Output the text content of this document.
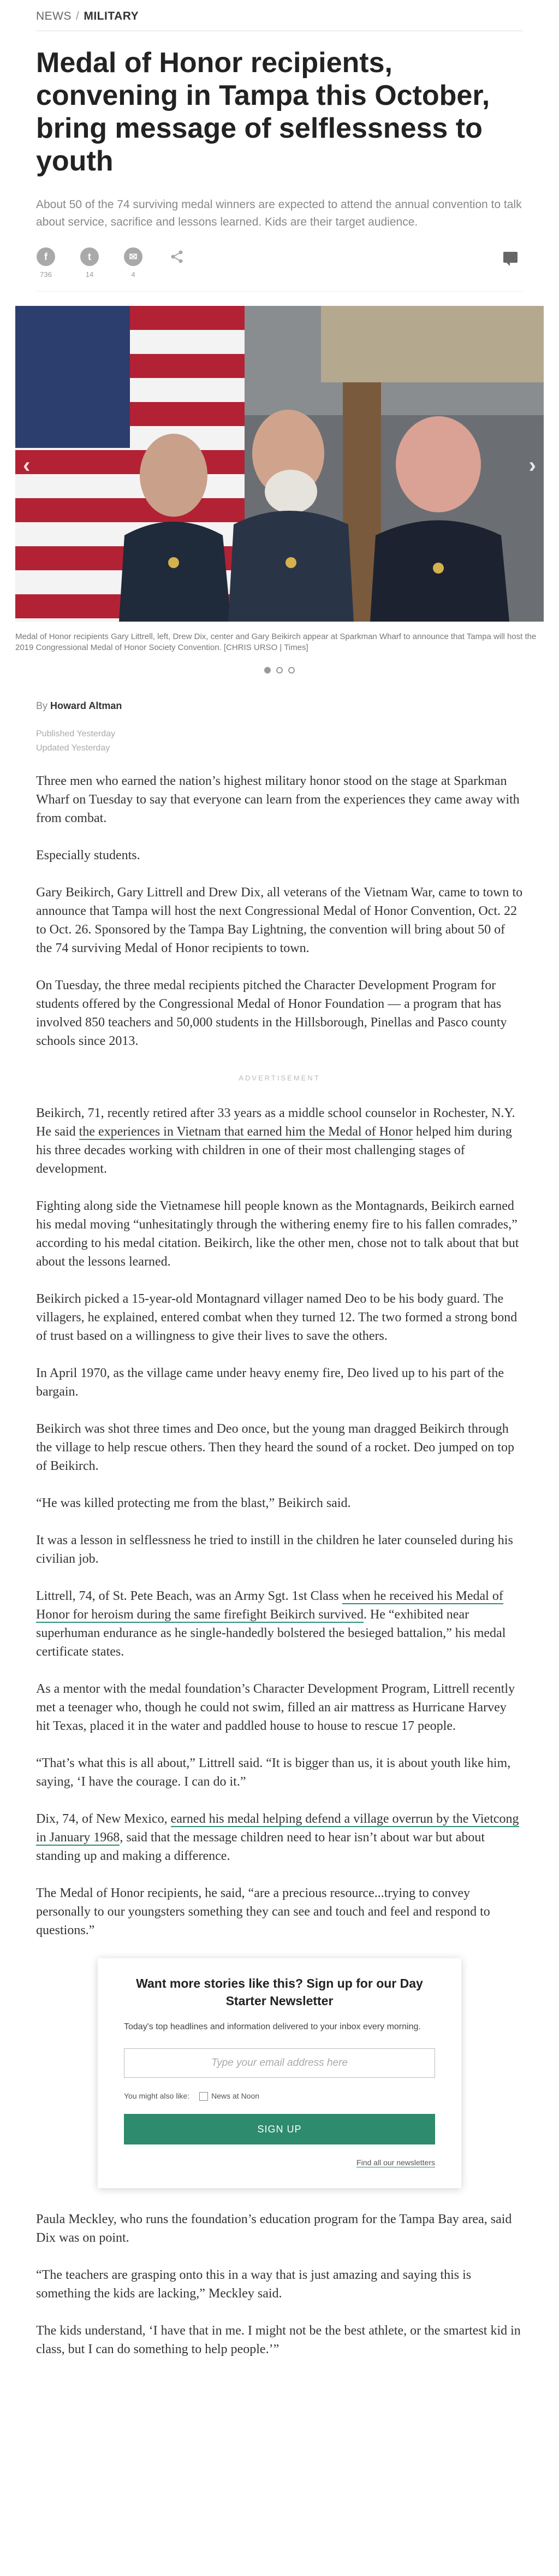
NEWS / MILITARY
Medal of Honor recipients, convening in Tampa this October, bring message of selflessness to youth
About 50 of the 74 surviving medal winners are expected to attend the annual convention to talk about service, sacrifice and lessons learned. Kids are their target audience.
f
736
t
14
✉
4
‹	›
Medal of Honor recipients Gary Littrell, left, Drew Dix, center and Gary Beikirch appear at Sparkman Wharf to announce that Tampa will host the 2019 Congressional Medal of Honor Society Convention. [CHRIS URSO | Times]
By Howard Altman
Published Yesterday
Updated Yesterday

Three men who earned the nation’s highest military honor stood on the stage at Sparkman Wharf on Tuesday to say that everyone can learn from the experiences they came away with from combat.

Especially students.

Gary Beikirch, Gary Littrell and Drew Dix, all veterans of the Vietnam War, came to town to announce that Tampa will host the next Congressional Medal of Honor Convention, Oct. 22 to Oct. 26. Sponsored by the Tampa Bay Lightning, the convention will bring about 50 of the 74 surviving Medal of Honor recipients to town.

On Tuesday, the three medal recipients pitched the Character Development Program for students offered by the Congressional Medal of Honor Foundation — a program that has involved 850 teachers and 50,000 students in the Hillsborough, Pinellas and Pasco county schools since 2013.

ADVERTISEMENT

Beikirch, 71, recently retired after 33 years as a middle school counselor in Rochester, N.Y. He said the experiences in Vietnam that earned him the Medal of Honor helped him during his three decades working with children in one of their most challenging stages of development.

Fighting along side the Vietnamese hill people known as the Montagnards, Beikirch earned his medal moving “unhesitatingly through the withering enemy fire to his fallen comrades,” according to his medal citation. Beikirch, like the other men, chose not to talk about that but about the lessons learned.

Beikirch picked a 15-year-old Montagnard villager named Deo to be his body guard. The villagers, he explained, entered combat when they turned 12. The two formed a strong bond of trust based on a willingness to give their lives to save the others.

In April 1970, as the village came under heavy enemy fire, Deo lived up to his part of the bargain.

Beikirch was shot three times and Deo once, but the young man dragged Beikirch through the village to help rescue others. Then they heard the sound of a rocket. Deo jumped on top of Beikirch.

“He was killed protecting me from the blast,” Beikirch said.

It was a lesson in selflessness he tried to instill in the children he later counseled during his civilian job.

Littrell, 74, of St. Pete Beach, was an Army Sgt. 1st Class when he received his Medal of Honor for heroism during the same firefight Beikirch survived. He “exhibited near superhuman endurance as he single-handedly bolstered the besieged battalion,” his medal certificate states.

As a mentor with the medal foundation’s Character Development Program, Littrell recently met a teenager who, though he could not swim, filled an air mattress as Hurricane Harvey hit Texas, placed it in the water and paddled house to house to rescue 17 people.

“That’s what this is all about,” Littrell said. “It is bigger than us, it is about youth like him, saying, ‘I have the courage. I can do it.”

Dix, 74, of New Mexico, earned his medal helping defend a village overrun by the Vietcong in January 1968, said that the message children need to hear isn’t about war but about standing up and making a difference.

The Medal of Honor recipients, he said, “are a precious resource...trying to convey personally to our youngsters something they can see and touch and feel and respond to questions.”

Want more stories like this? Sign up for our Day Starter Newsletter
Today's top headlines and information delivered to your inbox every morning.
Type your email address here
You might also like:	News at Noon
SIGN UP
Find all our newsletters

Paula Meckley, who runs the foundation’s education program for the Tampa Bay area, said Dix was on point.

“The teachers are grasping onto this in a way that is just amazing and saying this is something the kids are lacking,” Meckley said.

The kids understand, ‘I have that in me. I might not be the best athlete, or the smartest kid in class, but I can do something to help people.’”
